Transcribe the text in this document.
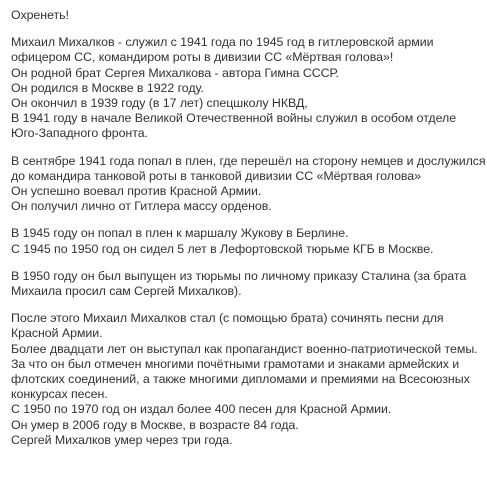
Охренеть!
Михаил Михалков - служил с 1941 года по 1945 год в гитлеровской армии
офицером СС, командиром роты в дивизии СС «Мёртвая голова»!
Он родной брат Сергея Михалкова - автора Гимна СССР.
Он родился в Москве в 1922 году.
Он окончил в 1939 году (в 17 лет) спецшколу НКВД,
В 1941 году в начале Великой Отечественной войны служил в особом отделе
Юго-Западного фронта.
В сентябре 1941 года попал в плен, где перешёл на сторону немцев и дослужился
до командира танковой роты в танковой дивизии СС «Мёртвая голова»
Он успешно воевал против Красной Армии.
Он получил лично от Гитлера массу орденов.
В 1945 году он попал в плен к маршалу Жукову в Берлине.
С 1945 по 1950 год он сидел 5 лет в Лефортовской тюрьме КГБ в Москве.
В 1950 году он был выпущен из тюрьмы по личному приказу Сталина (за брата
Михаила просил сам Сергей Михалков).
После этого Михаил Михалков стал (с помощью брата) сочинять песни для
Красной Армии.
Более двадцати лет он выступал как пропагандист военно-патриотической темы.
За что он был отмечен многими почётными грамотами и знаками армейских и
флотских соединений, а также многими дипломами и премиями на Всесоюзных
конкурсах песен.
С 1950 по 1970 год он издал более 400 песен для Красной Армии.
Он умер в 2006 году в Москве, в возрасте 84 года.
Сергей Михалков умер через три года.
